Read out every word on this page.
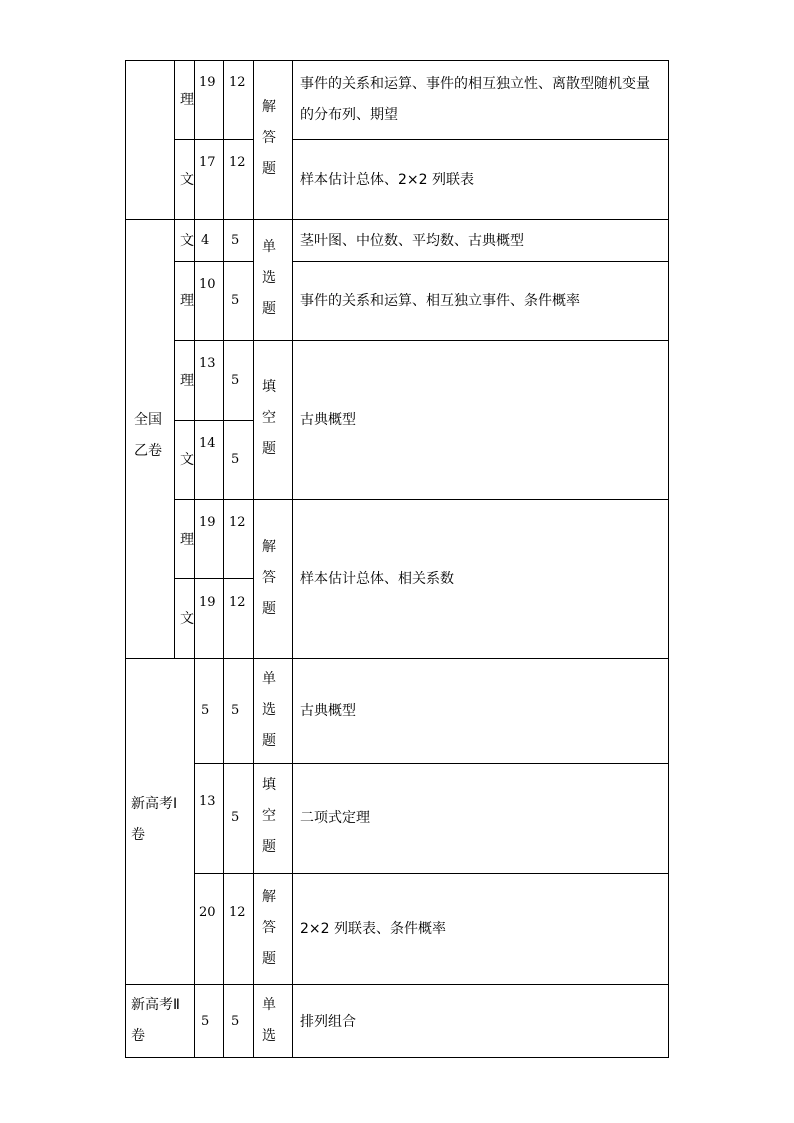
理
19 12
解答题
事件的关系和运算、事件的相互独立性、离散型随机变量的分布列、期望
文
17 12
样本估计总体、2×2 列联表
全国乙卷
文 4 5 单选题
茎叶图、中位数、平均数、古典概型
理
10
5	事件的关系和运算、相互独立事件、条件概率
理
13
5 填空题
古典概型
文
14
5
理
19 12
解答题
样本估计总体、相关系数
文
19 12
新高考Ⅰ卷
5 5
单选题
古典概型
13
5
填空题
二项式定理
20 12
解答题
2×2 列联表、条件概率
新高考Ⅱ卷
5 5
单选
排列组合
